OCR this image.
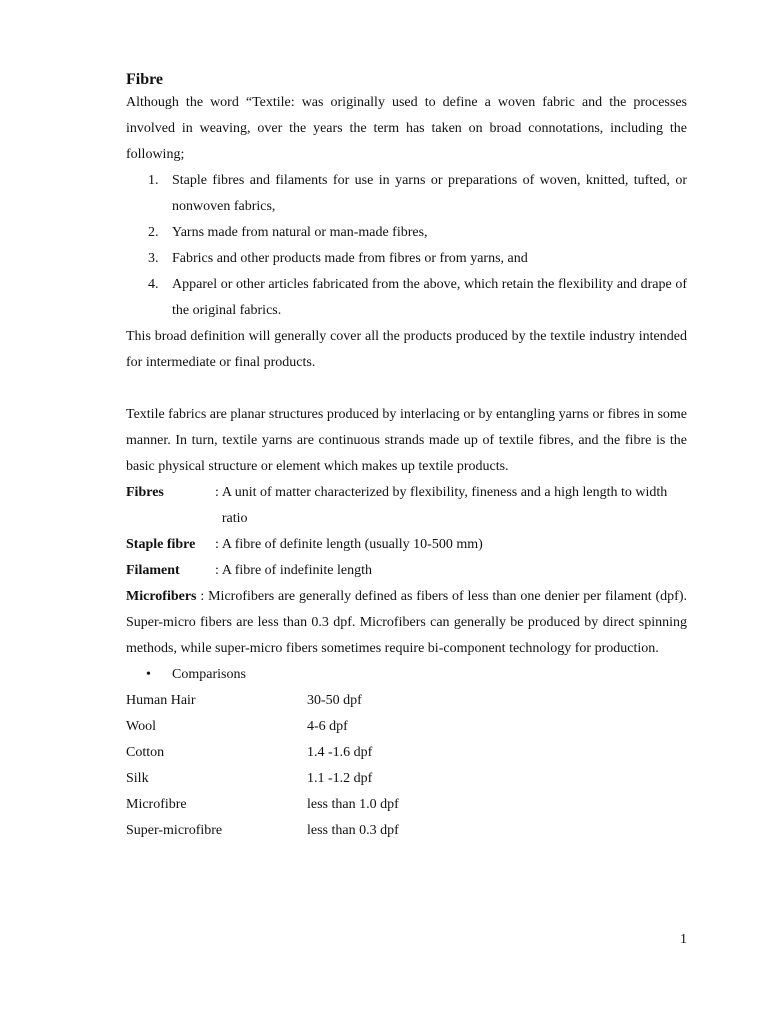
Fibre

Although the word “Textile: was originally used to define a woven fabric and the processes involved in weaving, over the years the term has taken on broad connotations, including the following;

1. Staple fibres and filaments for use in yarns or preparations of woven, knitted, tufted, or nonwoven fabrics,
2. Yarns made from natural or man-made fibres,
3. Fabrics and other products made from fibres or from yarns, and
4. Apparel or other articles fabricated from the above, which retain the flexibility and drape of the original fabrics.

This broad definition will generally cover all the products produced by the textile industry intended for intermediate or final products.

Textile fabrics are planar structures produced by interlacing or by entangling yarns or fibres in some manner. In turn, textile yarns are continuous strands made up of textile fibres, and the fibre is the basic physical structure or element which makes up textile products.

Fibres	: A unit of matter characterized by flexibility, fineness and a high length to width ratio
Staple fibre : A fibre of definite length (usually 10-500 mm)
Filament	: A fibre of indefinite length

Microfibers : Microfibers are generally defined as fibers of less than one denier per filament (dpf). Super-micro fibers are less than 0.3 dpf. Microfibers can generally be produced by direct spinning methods, while super-micro fibers sometimes require bi-component technology for production.

• Comparisons
Human Hair	30-50 dpf
Wool	4-6 dpf
Cotton	1.4 -1.6 dpf
Silk	1.1 -1.2 dpf
Microfibre	less than 1.0 dpf
Super-microfibre	less than 0.3 dpf
1
